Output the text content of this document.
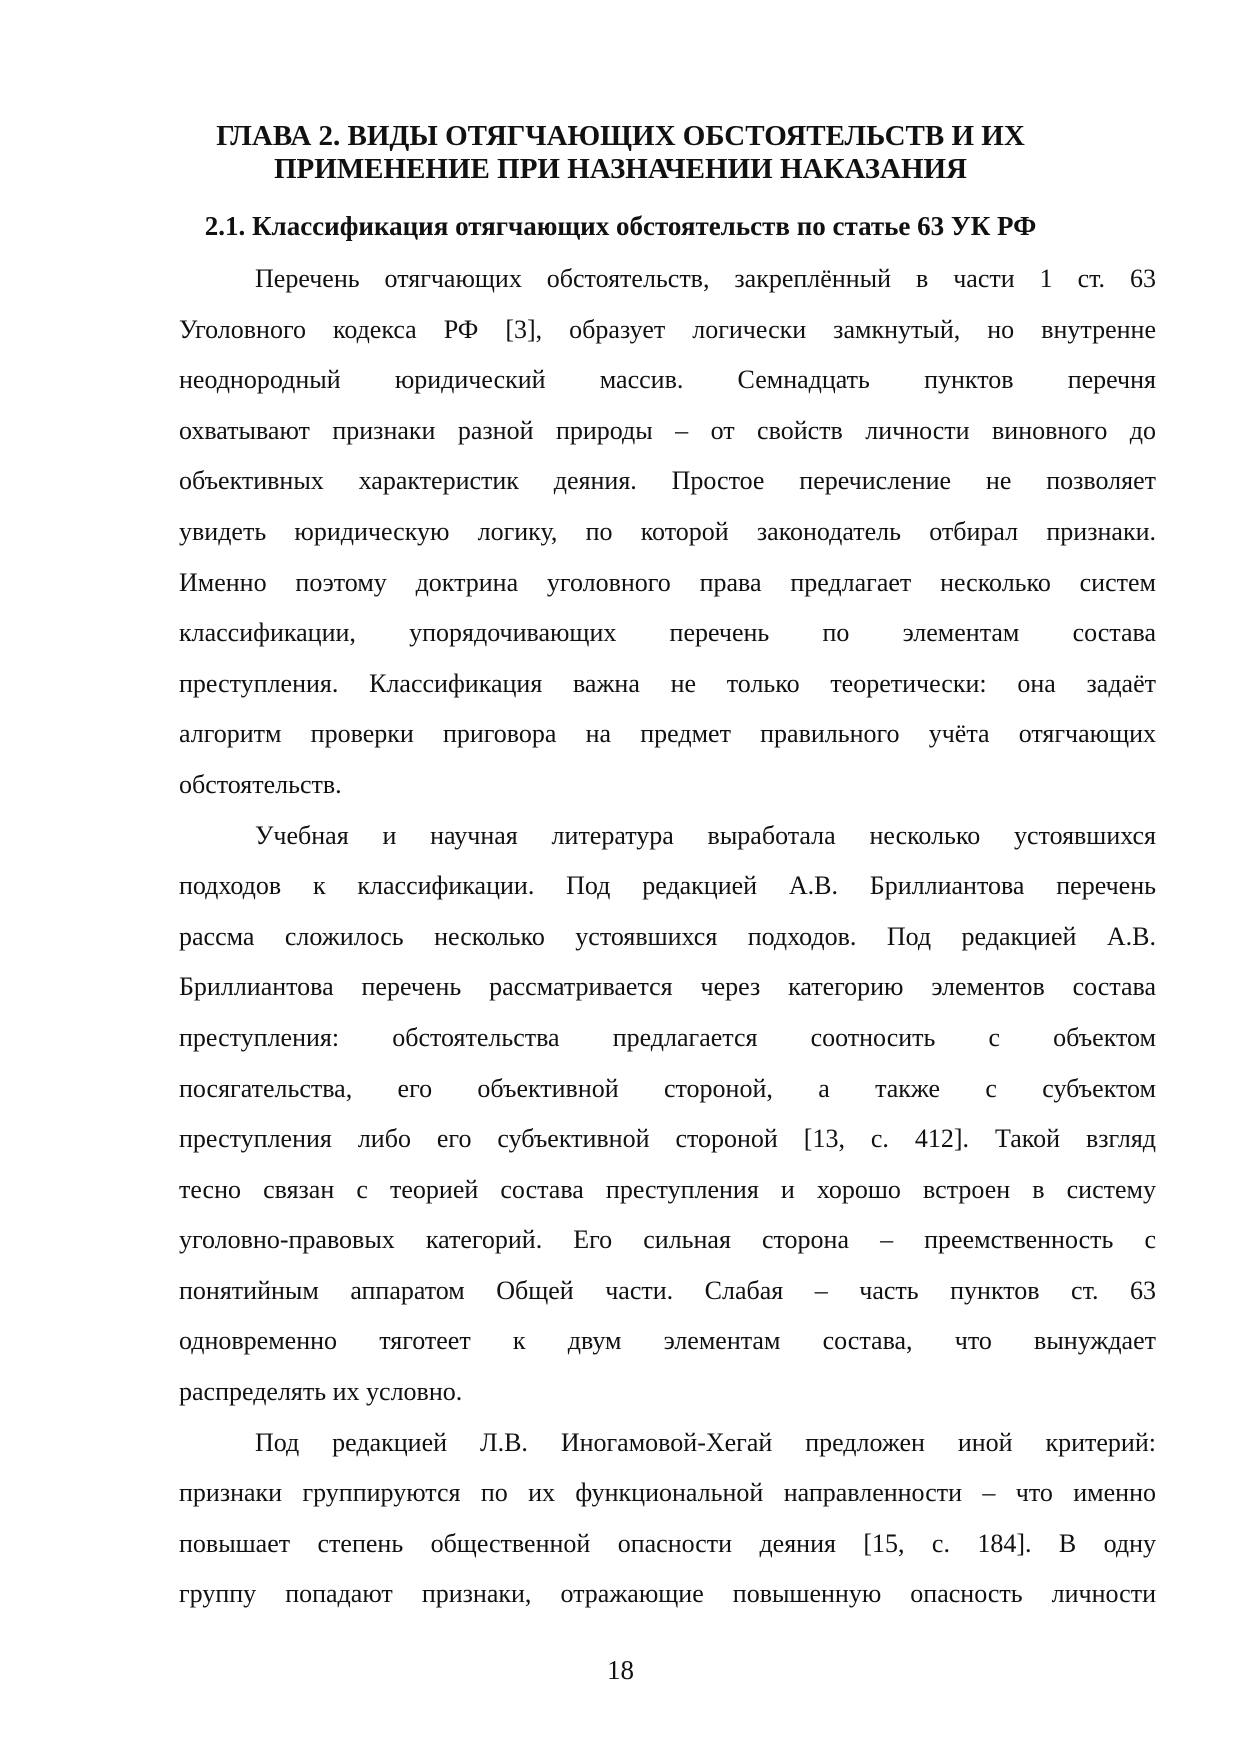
ГЛАВА 2. ВИДЫ ОТЯГЧАЮЩИХ ОБСТОЯТЕЛЬСТВ И ИХ
ПРИМЕНЕНИЕ ПРИ НАЗНАЧЕНИИ НАКАЗАНИЯ
2.1. Классификация отягчающих обстоятельств по статье 63 УК РФ
Перечень отягчающих обстоятельств, закреплённый в части 1 ст. 63
Уголовного кодекса РФ [3], образует логически замкнутый, но внутренне
неоднородный юридический массив. Семнадцать пунктов перечня
охватывают признаки разной природы – от свойств личности виновного до
объективных характеристик деяния. Простое перечисление не позволяет
увидеть юридическую логику, по которой законодатель отбирал признаки.
Именно поэтому доктрина уголовного права предлагает несколько систем
классификации, упорядочивающих перечень по элементам состава
преступления. Классификация важна не только теоретически: она задаёт
алгоритм проверки приговора на предмет правильного учёта отягчающих
обстоятельств.
Учебная и научная литература выработала несколько устоявшихся
подходов к классификации. Под редакцией А.В. Бриллиантова перечень
рассма сложилось несколько устоявшихся подходов. Под редакцией А.В.
Бриллиантова перечень рассматривается через категорию элементов состава
преступления: обстоятельства предлагается соотносить с объектом
посягательства, его объективной стороной, а также с субъектом
преступления либо его субъективной стороной [13, с. 412]. Такой взгляд
тесно связан с теорией состава преступления и хорошо встроен в систему
уголовно-правовых категорий. Его сильная сторона – преемственность с
понятийным аппаратом Общей части. Слабая – часть пунктов ст. 63
одновременно тяготеет к двум элементам состава, что вынуждает
распределять их условно.
Под редакцией Л.В. Иногамовой-Хегай предложен иной критерий:
признаки группируются по их функциональной направленности – что именно
повышает степень общественной опасности деяния [15, с. 184]. В одну
группу попадают признаки, отражающие повышенную опасность личности
18
